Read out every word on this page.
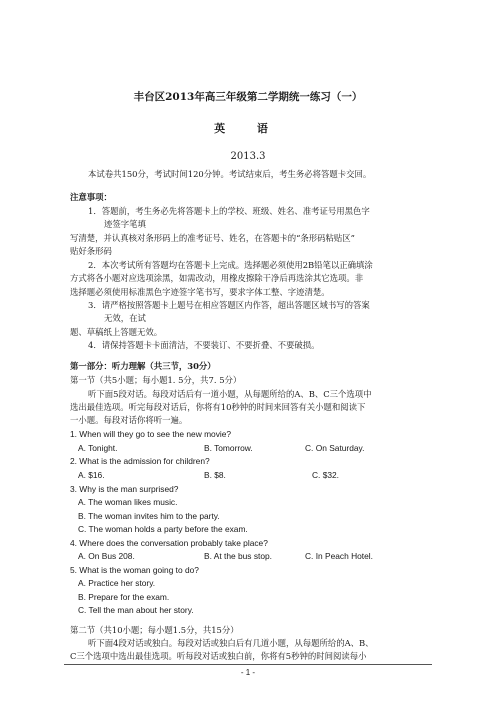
丰台区2013年高三年级第二学期统一练习（一）
英 语
2013.3
本试卷共150分，考试时间120分钟。考试结束后，考生务必将答题卡交回。
注意事项：
1．答题前，考生务必先将答题卡上的学校、班级、姓名、准考证号用黑色字
迹签字笔填
写清楚，并认真核对条形码上的准考证号、姓名，在答题卡的“条形码粘贴区”
贴好条形码
2．本次考试所有答题均在答题卡上完成。选择题必须使用2B铅笔以正确填涂
方式将各小题对应选项涂黑，如需改动，用橡皮擦除干净后再选涂其它选项。非
选择题必须使用标准黑色字迹签字笔书写，要求字体工整、字迹清楚。
3．请严格按照答题卡上题号在相应答题区内作答，超出答题区域书写的答案
无效，在试
题、草稿纸上答题无效。
4．请保持答题卡卡面清洁，不要装订、不要折叠、不要破损。
第一部分：听力理解（共三节，30分）
第一节（共5小题；每小题1. 5分，共7. 5分）
听下面5段对话。每段对话后有一道小题，从每题所给的A、B、C三个选项中
选出最佳选项。听完每段对话后，你将有10秒钟的时间来回答有关小题和阅读下
一小题。每段对话你将听一遍。
1. When will they go to see the new movie?
A. Tonight.	B. Tomorrow.	C. On Saturday.
2. What is the admission for children?
A. $16.	B. $8.	C. $32.
3. Why is the man surprised?
A. The woman likes music.
B. The woman invites him to the party.
C. The woman holds a party before the exam.
4. Where does the conversation probably take place?
A. On Bus 208.	B. At the bus stop.	C. In Peach Hotel.
5. What is the woman going to do?
A. Practice her story.
B. Prepare for the exam.
C. Tell the man about her story.
第二节（共10小题；每小题1.5分，共15分）
听下面4段对话或独白。每段对话或独白后有几道小题，从每题所给的A、B、
C三个选项中选出最佳选项。听每段对话或独白前，你将有5秒钟的时间阅读每小
- 1 -
